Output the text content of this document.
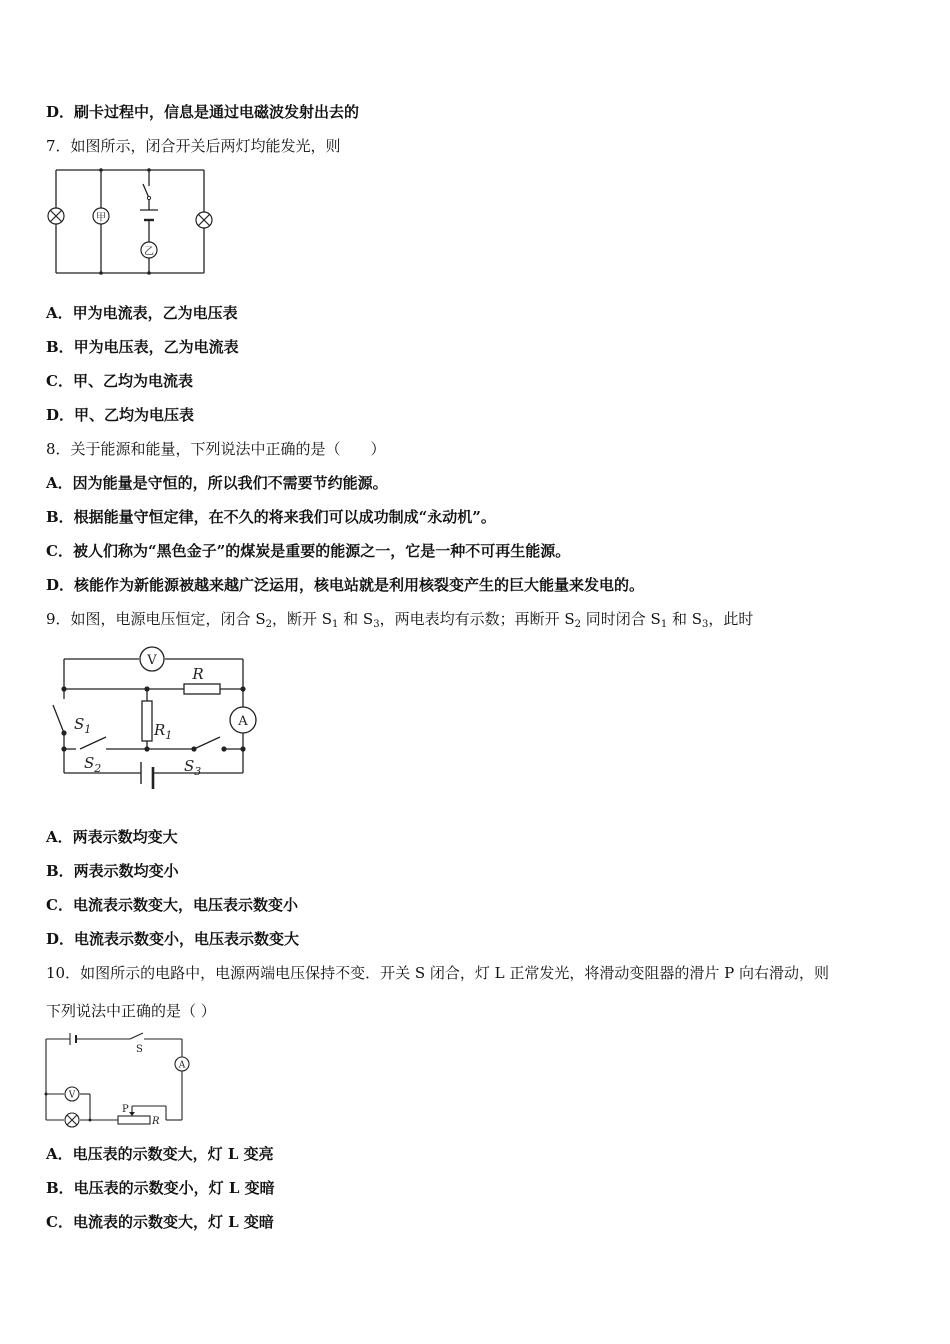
D．刷卡过程中，信息是通过电磁波发射出去的
7．如图所示，闭合开关后两灯均能发光，则
甲
乙
A．甲为电流表，乙为电压表
B．甲为电压表，乙为电流表
C．甲、乙均为电流表
D．甲、乙均为电压表
8．关于能源和能量，下列说法中正确的是（　　）
A．因为能量是守恒的，所以我们不需要节约能源。
B．根据能量守恒定律，在不久的将来我们可以成功制成“永动机”。
C．被人们称为“黑色金子”的煤炭是重要的能源之一，它是一种不可再生能源。
D．核能作为新能源被越来越广泛运用，核电站就是利用核裂变产生的巨大能量来发电的。
9．如图，电源电压恒定，闭合 $S_2$，断开 $S_1$ 和 $S_3$，两电表均有示数；再断开 $S_2$ 同时闭合 $S_1$ 和 $S_3$，此时
V
R
$R_1$
A
$S_1$
$S_2$	$S_3$
A．两表示数均变大
B．两表示数均变小
C．电流表示数变大，电压表示数变小
D．电流表示数变小，电压表示数变大
10．如图所示的电路中，电源两端电压保持不变．开关 S 闭合，灯 L 正常发光，将滑动变阻器的滑片 P 向右滑动，则
下列说法中正确的是（ ）
S
A
V
P
R
A．电压表的示数变大，灯 L 变亮
B．电压表的示数变小，灯 L 变暗
C．电流表的示数变大，灯 L 变暗
